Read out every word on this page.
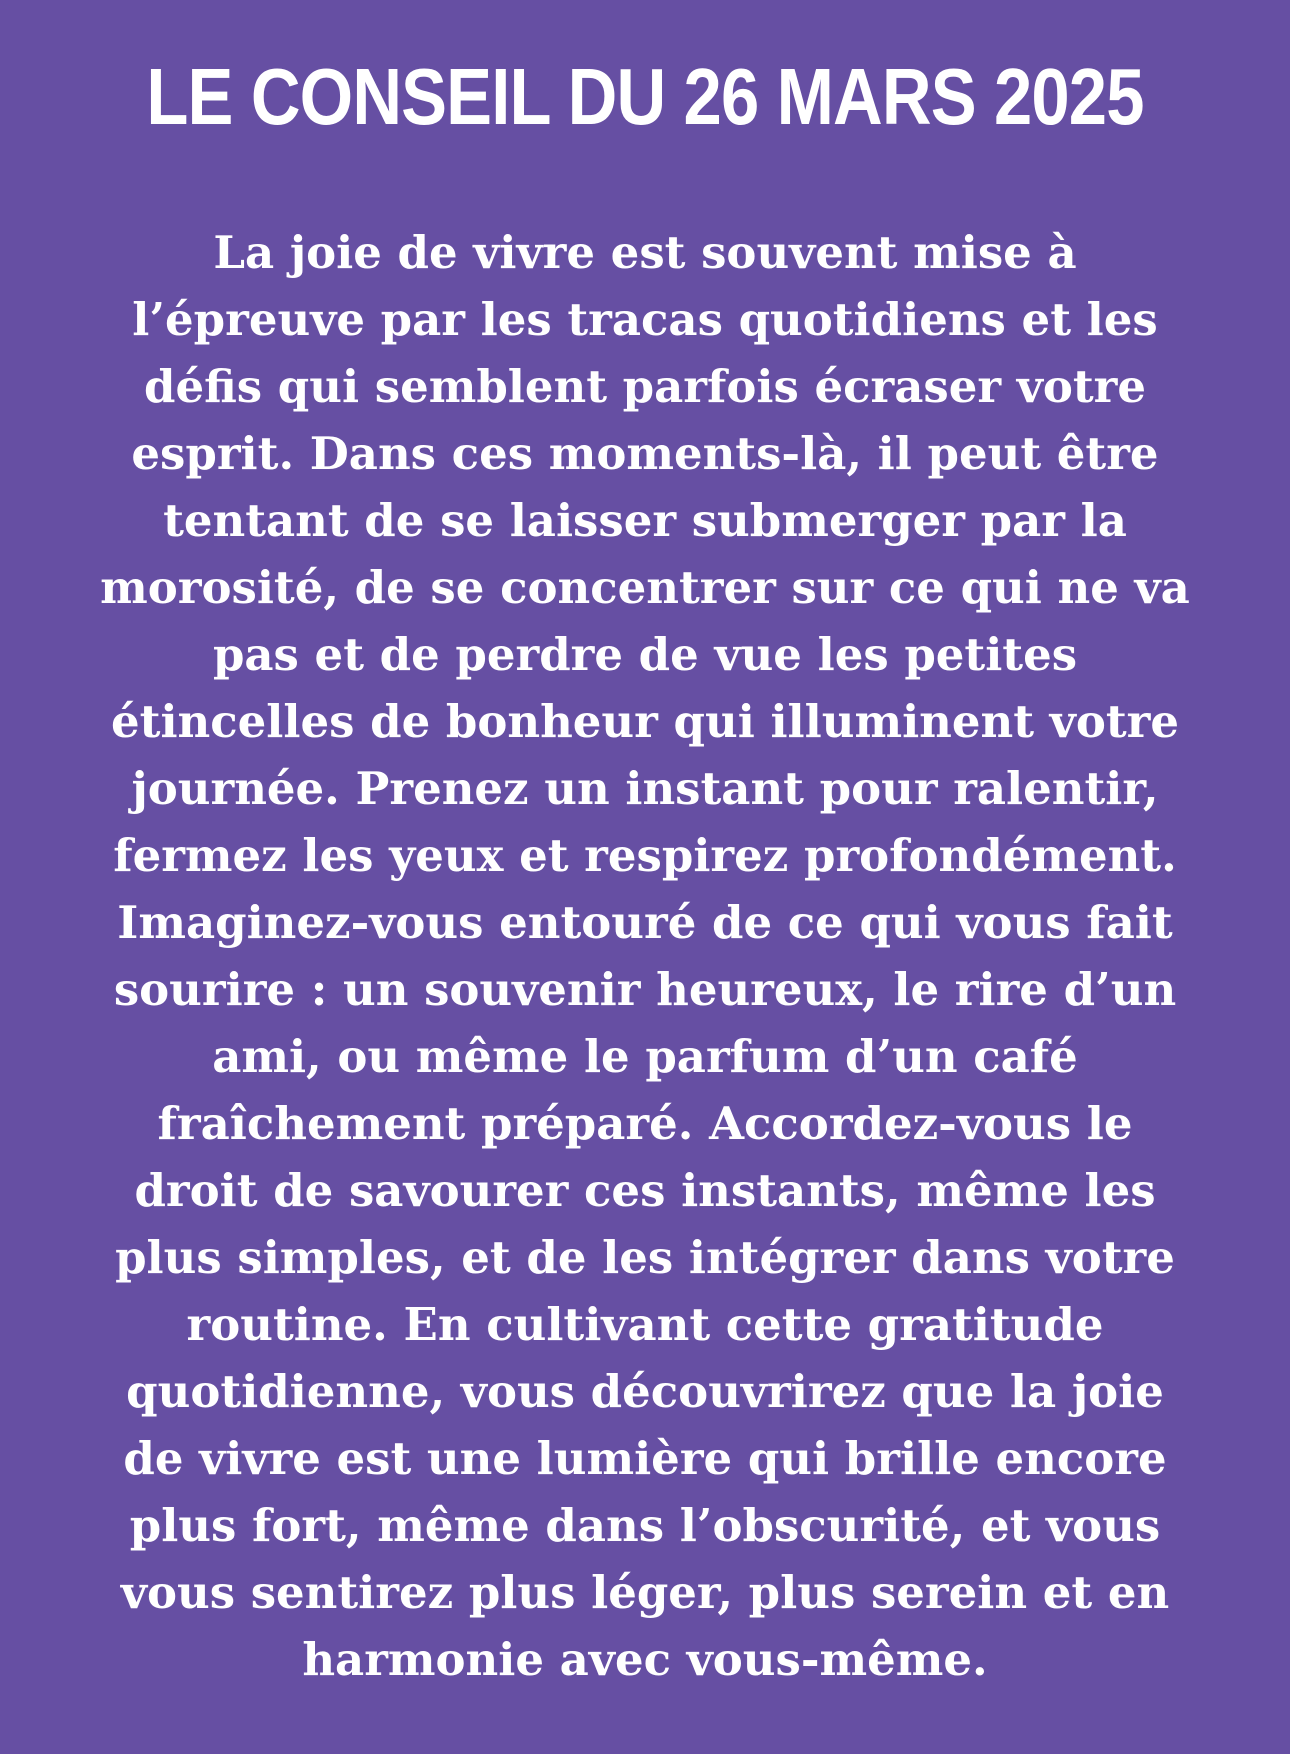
LE CONSEIL DU 26 MARS 2025
La joie de vivre est souvent mise à
l’épreuve par les tracas quotidiens et les
défis qui semblent parfois écraser votre
esprit. Dans ces moments-là, il peut être
tentant de se laisser submerger par la
morosité, de se concentrer sur ce qui ne va
pas et de perdre de vue les petites
étincelles de bonheur qui illuminent votre
journée. Prenez un instant pour ralentir,
fermez les yeux et respirez profondément.
Imaginez-vous entouré de ce qui vous fait
sourire : un souvenir heureux, le rire d’un
ami, ou même le parfum d’un café
fraîchement préparé. Accordez-vous le
droit de savourer ces instants, même les
plus simples, et de les intégrer dans votre
routine. En cultivant cette gratitude
quotidienne, vous découvrirez que la joie
de vivre est une lumière qui brille encore
plus fort, même dans l’obscurité, et vous
vous sentirez plus léger, plus serein et en
harmonie avec vous-même.
